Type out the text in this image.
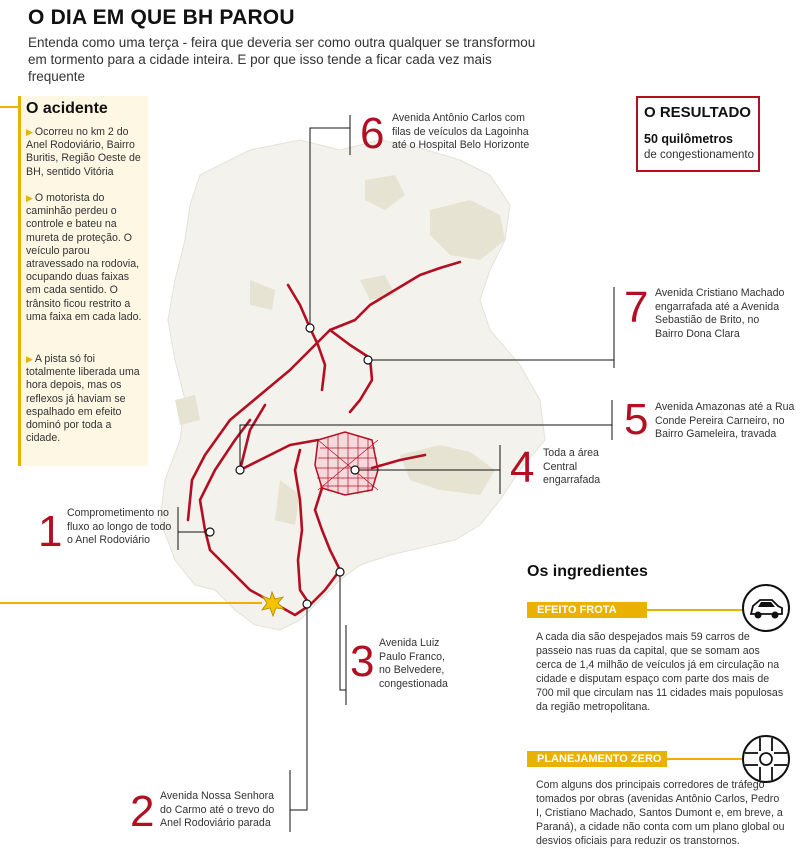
O DIA EM QUE BH PAROU
Entenda como uma terça - feira que deveria ser como outra qualquer se transformou em tormento para a cidade inteira. E por que isso tende a ficar cada vez mais frequente
O acidente
▶ Ocorreu no km 2 do Anel Rodoviário, Bairro Buritis, Região Oeste de BH, sentido Vitória
▶ O motorista do caminhão perdeu o controle e bateu na mureta de proteção. O veículo parou atravessado na rodovia, ocupando duas faixas em cada sentido. O trânsito ficou restrito a uma faixa em cada lado.
▶ A pista só foi totalmente liberada uma hora depois, mas os reflexos já haviam se espalhado em efeito dominó por toda a cidade.
O RESULTADO
50 quilômetros
de congestionamento
6 Avenida Antônio Carlos com filas de veículos da Lagoinha até o Hospital Belo Horizonte
7 Avenida Cristiano Machado engarrafada até a Avenida Sebastião de Brito, no Bairro Dona Clara
5 Avenida Amazonas até a Rua Conde Pereira Carneiro, no Bairro Gameleira, travada
4 Toda a área Central engarrafada
1 Comprometimento no fluxo ao longo de todo o Anel Rodoviário
3 Avenida Luiz Paulo Franco, no Belvedere, congestionada
2 Avenida Nossa Senhora do Carmo até o trevo do Anel Rodoviário parada
Os ingredientes
EFEITO FROTA
A cada dia são despejados mais 59 carros de passeio nas ruas da capital, que se somam aos cerca de 1,4 milhão de veículos já em circulação na cidade e disputam espaço com parte dos mais de 700 mil que circulam nas 11 cidades mais populosas da região metropolitana.
PLANEJAMENTO ZERO
Com alguns dos principais corredores de tráfego tomados por obras (avenidas Antônio Carlos, Pedro I, Cristiano Machado, Santos Dumont e, em breve, a Paraná), a cidade não conta com um plano global ou desvios oficiais para reduzir os transtornos.
